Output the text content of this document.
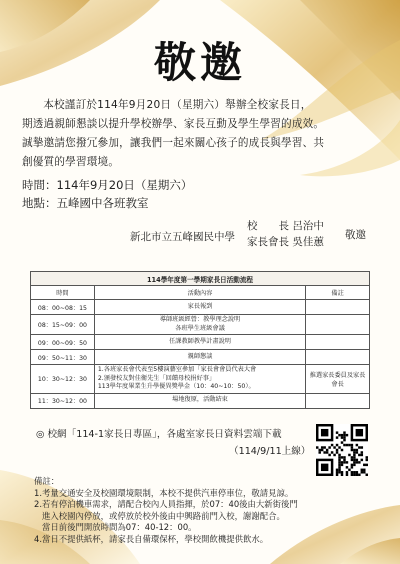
敬邀

本校謹訂於114年9月20日（星期六）舉辦全校家長日，

期透過親師懇談以提升學校辦學、家長互動及學生學習的成效。

誠摯邀請您撥冗參加，讓我們一起來關心孩子的成長與學習、共

創優質的學習環境。

時間：114年9月20日（星期六）
地點：五峰國中各班教室
新北市立五峰國民中學
校　　長 呂治中
家長會長 吳佳蕙
敬邀
114學年度第一學期家長日活動流程		
時間	活動內容	備註
08：00~08：15	家長報到	

08：15~09：00	導師班級經營：教學理念說明
各班學生班級會議	

09：00~09：50	任課教師教學計畫說明	

09：50~11：30	親師懇談	

10：30~12：30	1.各班家長會代表至5樓演藝室參加「家長會會員代表大會
2.頒發校友對佳衛先生「回饋母校捐好事」
113學年度畢業生升學優異獎學金（10：40~10：50）。	推選家長委員及家長會長
11：30~12：00	場地復原，活動結束	

◎ 校網「114-1家長日專區」，各處室家長日資料雲端下載
（114/9/11上線）
備註：
1.考量交通安全及校園環境限制，本校不提供汽車停車位，敬請見諒。
2.若有停泊機車需求，請配合校內人員指揮，於07：40後由大新街後門
進入校園內停放，或停放於校外後由中興路前門入校，謝謝配合。
當日前後門開放時間為07：40-12：00。
4.當日不提供紙杯，請家長自備環保杯，學校開飲機提供飲水。
